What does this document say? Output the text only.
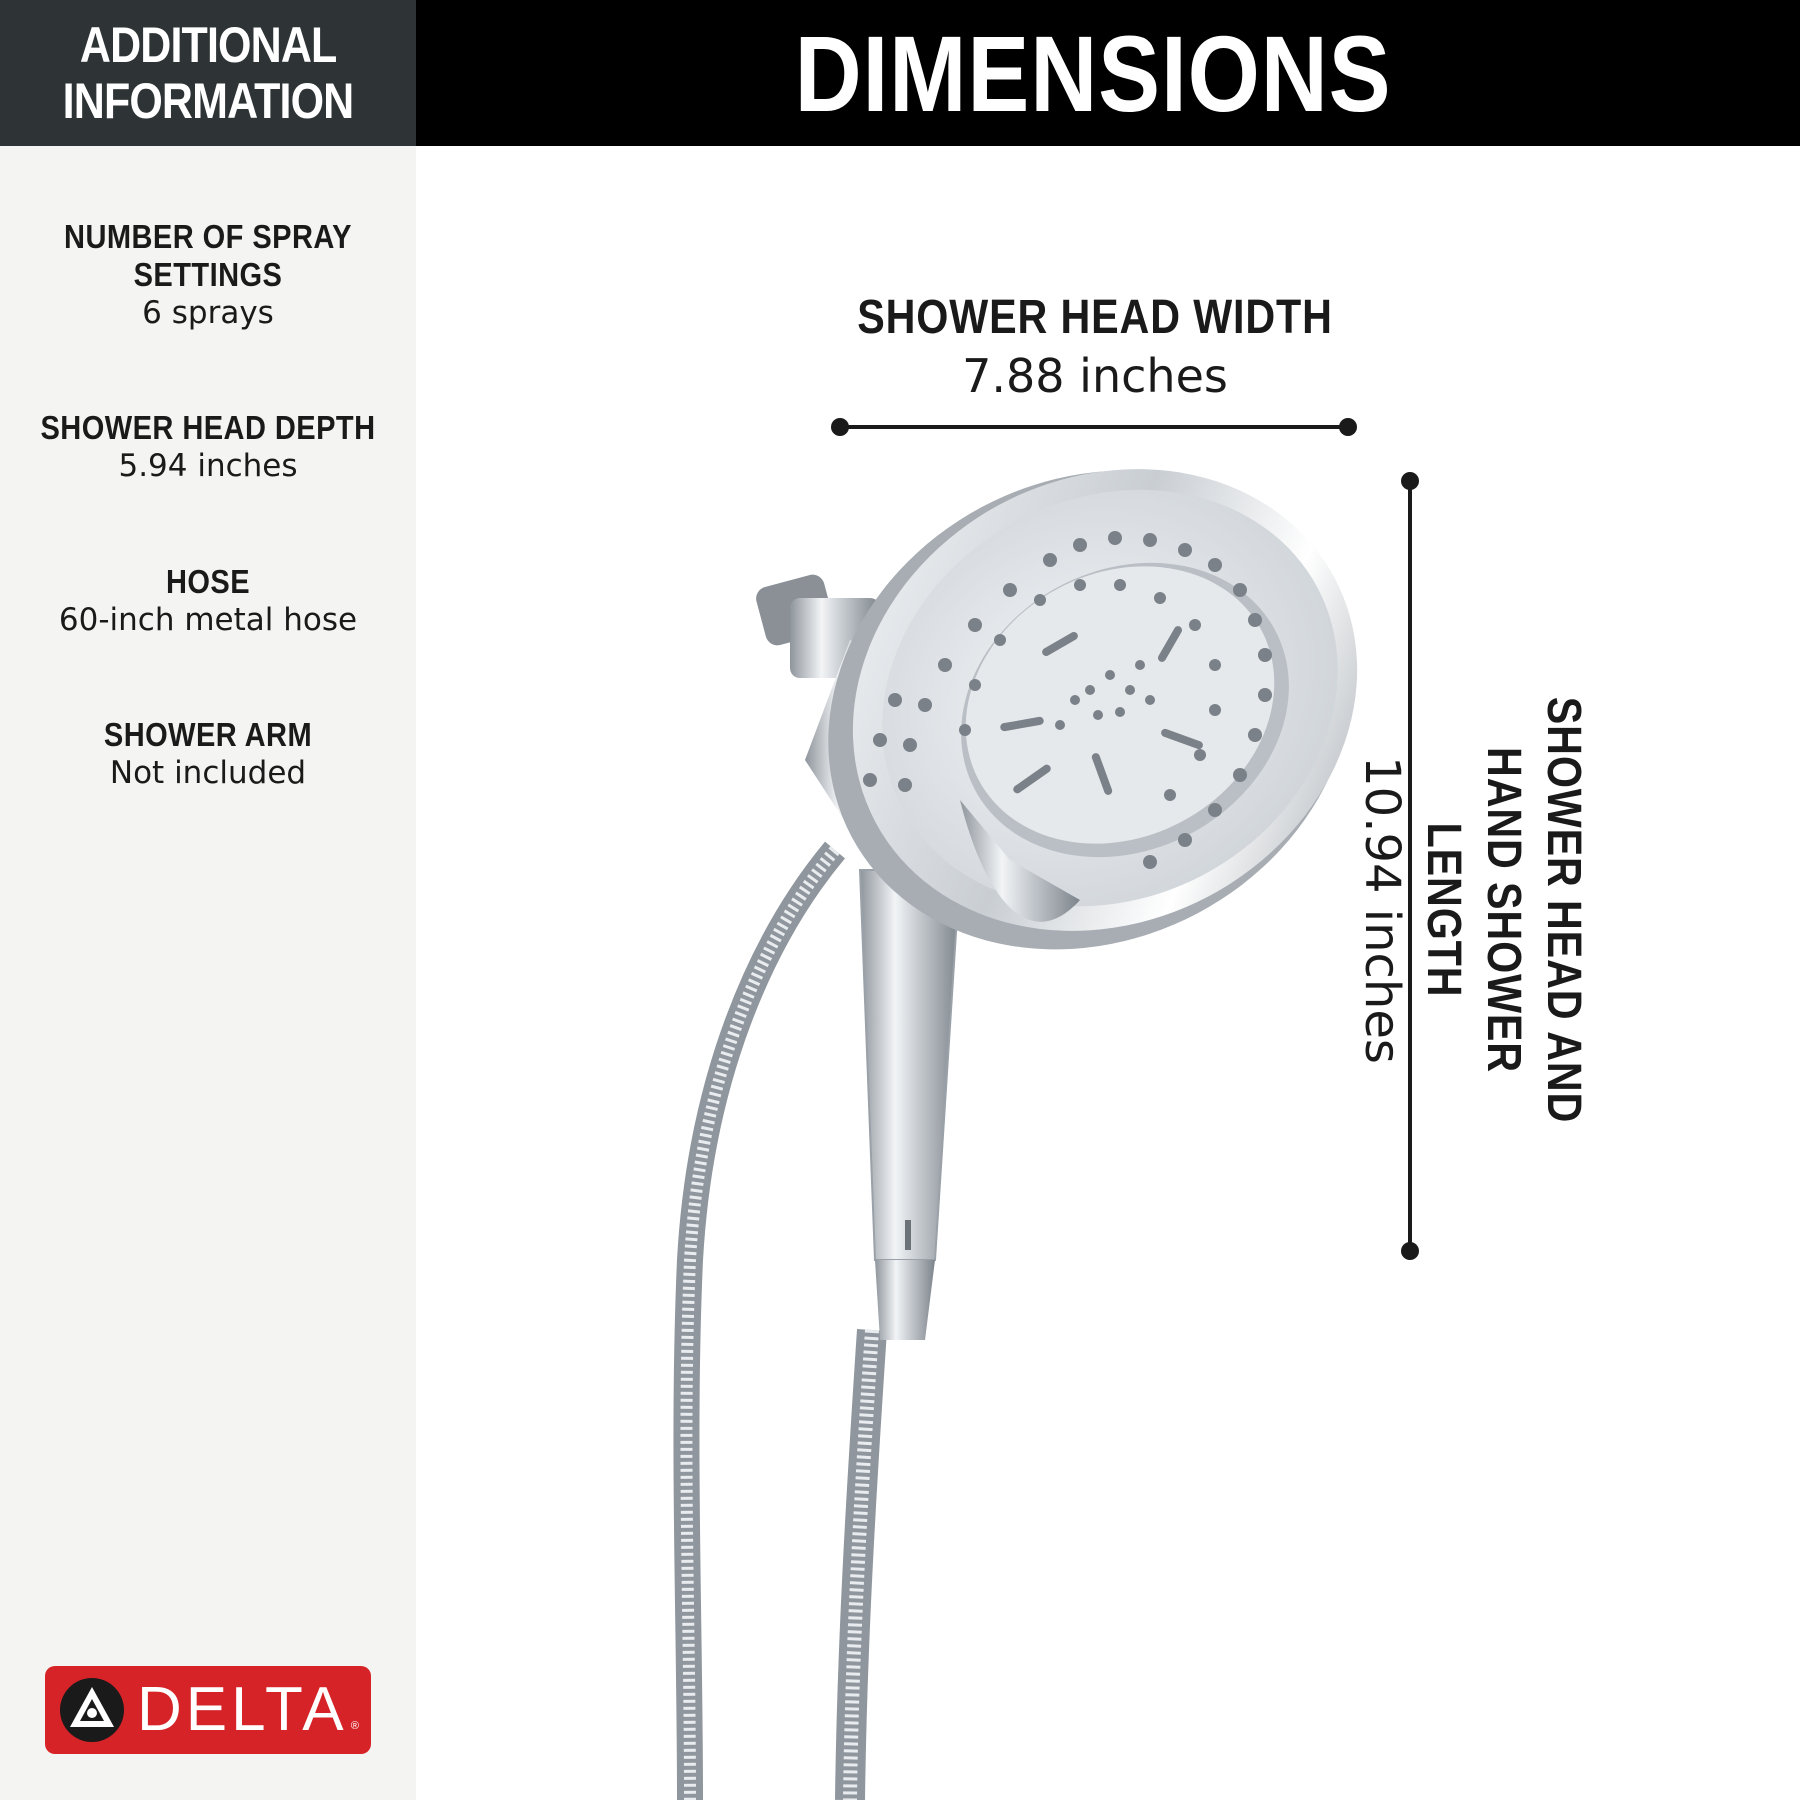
ADDITIONAL
INFORMATION	DIMENSIONS
NUMBER OF SPRAY
SETTINGS
6 sprays
SHOWER HEAD DEPTH
5.94 inches
HOSE
60-inch metal hose
SHOWER ARM
Not included
DELTA ®
SHOWER HEAD WIDTH
7.88 inches
SHOWER HEAD AND
HAND SHOWER LENGTH
10.94 inches
